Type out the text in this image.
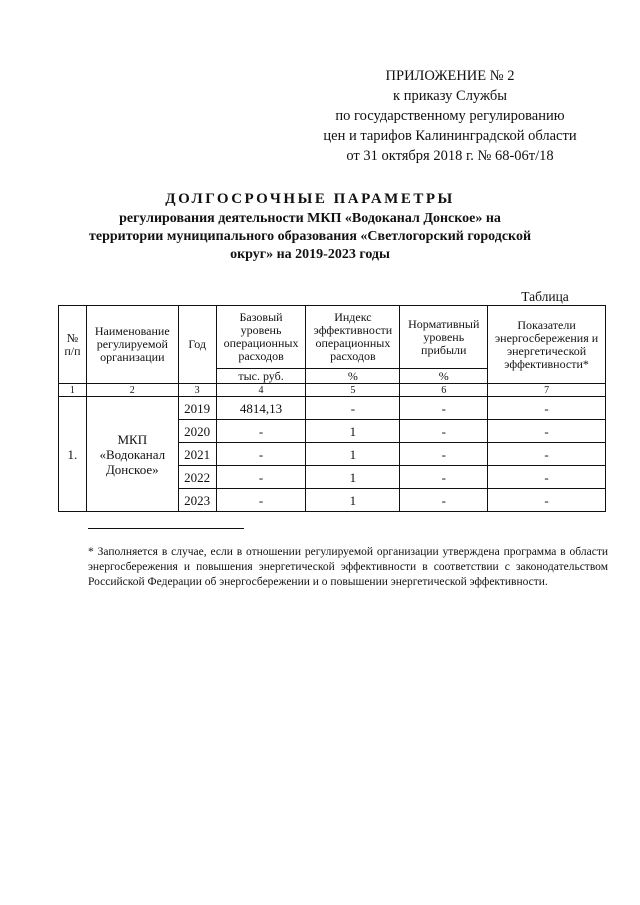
ПРИЛОЖЕНИЕ № 2
к приказу Службы
по государственному регулированию
цен и тарифов Калининградской области
от 31 октября 2018 г. № 68-06т/18
ДОЛГОСРОЧНЫЕ ПАРАМЕТРЫ
регулирования деятельности МКП «Водоканал Донское» на
территории муниципального образования «Светлогорский городской
округ» на 2019-2023 годы
Таблица
№ п/п	Наименование регулируемой организации	Год	Базовый уровень операционных расходов	Индекс эффективности операционных расходов	Нормативный уровень прибыли	Показатели энергосбережения и энергетической эффективности*
			тыс. руб.	%	%	
1	2	3	4	5	6	7
1.	МКП «Водоканал Донское»	2019	4814,13	-	-	-
		2020	-	1	-	-
		2021	-	1	-	-
		2022	-	1	-	-
		2023	-	1	-	-
* Заполняется в случае, если в отношении регулируемой организации утверждена программа в области энергосбережения и повышения энергетической эффективности в соответствии с законодательством Российской Федерации об энергосбережении и о повышении энергетической эффективности.
